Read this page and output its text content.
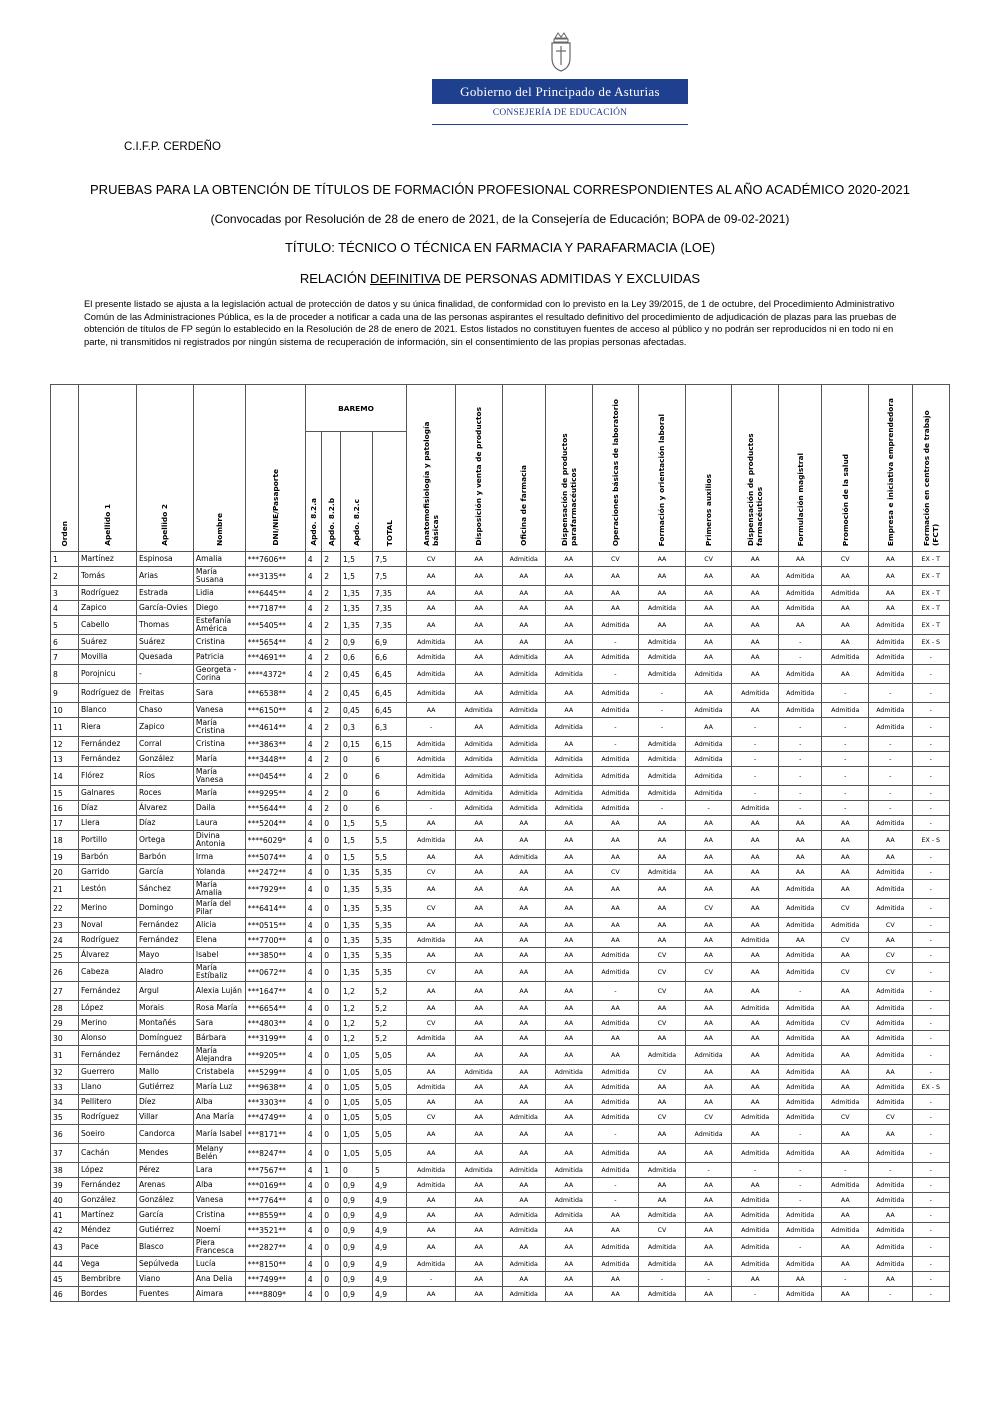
Gobierno del Principado de Asturias
CONSEJERÍA DE EDUCACIÓN
C.I.F.P. CERDEÑO
PRUEBAS PARA LA OBTENCIÓN DE TÍTULOS DE FORMACIÓN PROFESIONAL CORRESPONDIENTES AL AÑO ACADÉMICO 2020-2021
(Convocadas por Resolución de 28 de enero de 2021, de la Consejería de Educación; BOPA de 09-02-2021)
TÍTULO: TÉCNICO O TÉCNICA EN FARMACIA Y PARAFARMACIA (LOE)
RELACIÓN DEFINITIVA DE PERSONAS ADMITIDAS Y EXCLUIDAS
El presente listado se ajusta a la legislación actual de protección de datos y su única finalidad, de conformidad con lo previsto en la Ley 39/2015, de 1 de octubre, del Procedimiento Administrativo Común de las Administraciones Pública, es la de proceder a notificar a cada una de las personas aspirantes el resultado definitivo del procedimiento de adjudicación de plazas para las pruebas de obtención de títulos de FP según lo establecido en la Resolución de 28 de enero de 2021. Estos listados no constituyen fuentes de acceso al público y no podrán ser reproducidos ni en todo ni en parte, ni transmitidos ni registrados por ningún sistema de recuperación de información, sin el consentimiento de las propias personas afectadas.
Orden	Apellido 1	Apellido 2	Nombre	DNI/NIE/Pasaporte	BAREMO				Anatomofisiología y patología básicas	Disposición y venta de productos	Oficina de farmacia	Dispensación de productos parafarmacéuticos	Operaciones básicas de laboratorio	Formación y orientación laboral	Primeros auxilios	Dispensación de productos farmacéuticos	Formulación magistral	Promoción de la salud	Empresa e iniciativa emprendedora	Formación en centros de trabajo (FCT)
					Apdo. 8.2.a	Apdo. 8.2.b	Apdo. 8.2.c	TOTAL												
1	Martínez	Espinosa	Amalia	***7606**	4	2	1,5	7,5	CV	AA	Admitida	AA	CV	AA	CV	AA	AA	CV	AA	EX - T
2	Tomás	Arias	María Susana	***3135**	4	2	1,5	7,5	AA	AA	AA	AA	AA	AA	AA	AA	Admitida	AA	AA	EX - T
3	Rodríguez	Estrada	Lidia	***6445**	4	2	1,35	7,35	AA	AA	AA	AA	AA	AA	AA	AA	Admitida	Admitida	AA	EX - T
4	Zapico	García-Ovies	Diego	***7187**	4	2	1,35	7,35	AA	AA	AA	AA	AA	Admitida	AA	AA	Admitida	AA	AA	EX - T
5	Cabello	Thomas	Estefanía América	***5405**	4	2	1,35	7,35	AA	AA	AA	AA	Admitida	AA	AA	AA	AA	AA	Admitida	EX - T
6	Suárez	Suárez	Cristina	***5654**	4	2	0,9	6,9	Admitida	AA	AA	AA	-	Admitida	AA	AA	-	AA	Admitida	EX - S
7	Movilla	Quesada	Patricia	***4691**	4	2	0,6	6,6	Admitida	AA	Admitida	AA	Admitida	Admitida	AA	AA	-	Admitida	Admitida	-
8	Porojnicu	-	Georgeta -Corina	****4372*	4	2	0,45	6,45	Admitida	AA	Admitida	Admitida	-	Admitida	Admitida	AA	Admitida	AA	Admitida	-
9	Rodríguez de	Freitas	Sara	***6538**	4	2	0,45	6,45	Admitida	AA	Admitida	AA	Admitida	-	AA	Admitida	Admitida	-	-	-
10	Blanco	Chaso	Vanesa	***6150**	4	2	0,45	6,45	AA	Admitida	Admitida	AA	Admitida	-	Admitida	AA	Admitida	Admitida	Admitida	-
11	Riera	Zapico	María Cristina	***4614**	4	2	0,3	6,3	-	AA	Admitida	Admitida	-	-	AA	-	-	-	Admitida	-
12	Fernández	Corral	Cristina	***3863**	4	2	0,15	6,15	Admitida	Admitida	Admitida	AA	-	Admitida	Admitida	-	-	-	-	-
13	Fernández	González	María	***3448**	4	2	0	6	Admitida	Admitida	Admitida	Admitida	Admitida	Admitida	Admitida	-	-	-	-	-
14	Flórez	Ríos	María Vanesa	***0454**	4	2	0	6	Admitida	Admitida	Admitida	Admitida	Admitida	Admitida	Admitida	-	-	-	-	-
15	Galnares	Roces	María	***9295**	4	2	0	6	Admitida	Admitida	Admitida	Admitida	Admitida	Admitida	Admitida	-	-	-	-	-
16	Díaz	Álvarez	Daila	***5644**	4	2	0	6	-	Admitida	Admitida	Admitida	Admitida	-	-	Admitida	-	-	-	-
17	Llera	Díaz	Laura	***5204**	4	0	1,5	5,5	AA	AA	AA	AA	AA	AA	AA	AA	AA	AA	Admitida	-
18	Portillo	Ortega	Divina Antonia	****6029*	4	0	1,5	5,5	Admitida	AA	AA	AA	AA	AA	AA	AA	AA	AA	AA	EX - S
19	Barbón	Barbón	Irma	***5074**	4	0	1,5	5,5	AA	AA	Admitida	AA	AA	AA	AA	AA	AA	AA	AA	-
20	Garrido	García	Yolanda	***2472**	4	0	1,35	5,35	CV	AA	AA	AA	CV	Admitida	AA	AA	AA	AA	Admitida	-
21	Lestón	Sánchez	María Amalia	***7929**	4	0	1,35	5,35	AA	AA	AA	AA	AA	AA	AA	AA	Admitida	AA	Admitida	-
22	Merino	Domingo	María del Pilar	***6414**	4	0	1,35	5,35	CV	AA	AA	AA	AA	AA	CV	AA	Admitida	CV	Admitida	-
23	Noval	Fernández	Alicia	***0515**	4	0	1,35	5,35	AA	AA	AA	AA	AA	AA	AA	AA	Admitida	Admitida	CV	-
24	Rodríguez	Fernández	Elena	***7700**	4	0	1,35	5,35	Admitida	AA	AA	AA	AA	AA	AA	Admitida	AA	CV	AA	-
25	Álvarez	Mayo	Isabel	***3850**	4	0	1,35	5,35	AA	AA	AA	AA	Admitida	CV	AA	AA	Admitida	AA	CV	-
26	Cabeza	Aladro	María Estíbaliz	***0672**	4	0	1,35	5,35	CV	AA	AA	AA	Admitida	CV	CV	AA	Admitida	CV	CV	-
27	Fernández	Argul	Alexia Luján	***1647**	4	0	1,2	5,2	AA	AA	AA	AA	-	CV	AA	AA	-	AA	Admitida	-
28	López	Morais	Rosa María	***6654**	4	0	1,2	5,2	AA	AA	AA	AA	AA	AA	AA	Admitida	Admitida	AA	Admitida	-
29	Merino	Montañés	Sara	***4803**	4	0	1,2	5,2	CV	AA	AA	AA	Admitida	CV	AA	AA	Admitida	CV	Admitida	-
30	Alonso	Domínguez	Bárbara	***3199**	4	0	1,2	5,2	Admitida	AA	AA	AA	AA	AA	AA	AA	Admitida	AA	Admitida	-
31	Fernández	Fernández	María Alejandra	***9205**	4	0	1,05	5,05	AA	AA	AA	AA	AA	Admitida	Admitida	AA	Admitida	AA	Admitida	-
32	Guerrero	Mallo	Cristabela	***5299**	4	0	1,05	5,05	AA	Admitida	AA	Admitida	Admitida	CV	AA	AA	Admitida	AA	AA	-
33	Llano	Gutiérrez	María Luz	***9638**	4	0	1,05	5,05	Admitida	AA	AA	AA	Admitida	AA	AA	AA	Admitida	AA	Admitida	EX - S
34	Pellitero	Díez	Alba	***3303**	4	0	1,05	5,05	AA	AA	AA	AA	Admitida	AA	AA	AA	Admitida	Admitida	Admitida	-
35	Rodríguez	Villar	Ana María	***4749**	4	0	1,05	5,05	CV	AA	Admitida	AA	Admitida	CV	CV	Admitida	Admitida	CV	CV	-
36	Soeiro	Candorca	María Isabel	***8171**	4	0	1,05	5,05	AA	AA	AA	AA	-	AA	Admitida	AA	-	AA	AA	-
37	Cachán	Mendes	Melany Belén	***8247**	4	0	1,05	5,05	AA	AA	AA	AA	Admitida	AA	AA	Admitida	Admitida	AA	Admitida	-
38	López	Pérez	Lara	***7567**	4	1	0	5	Admitida	Admitida	Admitida	Admitida	Admitida	Admitida	-	-	-	-	-	-
39	Fernández	Arenas	Alba	***0169**	4	0	0,9	4,9	Admitida	AA	AA	AA	-	AA	AA	AA	-	Admitida	Admitida	-
40	González	González	Vanesa	***7764**	4	0	0,9	4,9	AA	AA	AA	Admitida	-	AA	AA	Admitida	-	AA	Admitida	-
41	Martínez	García	Cristina	***8559**	4	0	0,9	4,9	AA	AA	Admitida	Admitida	AA	Admitida	AA	Admitida	Admitida	AA	AA	-
42	Méndez	Gutiérrez	Noemí	***3521**	4	0	0,9	4,9	AA	AA	Admitida	AA	AA	CV	AA	Admitida	Admitida	Admitida	Admitida	-
43	Pace	Blasco	Piera Francesca	***2827**	4	0	0,9	4,9	AA	AA	AA	AA	Admitida	Admitida	AA	Admitida	-	AA	Admitida	-
44	Vega	Sepúlveda	Lucía	***8150**	4	0	0,9	4,9	Admitida	AA	Admitida	AA	Admitida	Admitida	AA	Admitida	Admitida	AA	Admitida	-
45	Bembribre	Viano	Ana Delia	***7499**	4	0	0,9	4,9	-	AA	AA	AA	AA	-	-	AA	AA	-	AA	-
46	Bordes	Fuentes	Aimara	****8809*	4	0	0,9	4,9	AA	AA	Admitida	AA	AA	Admitida	AA	-	Admitida	AA	-	-
